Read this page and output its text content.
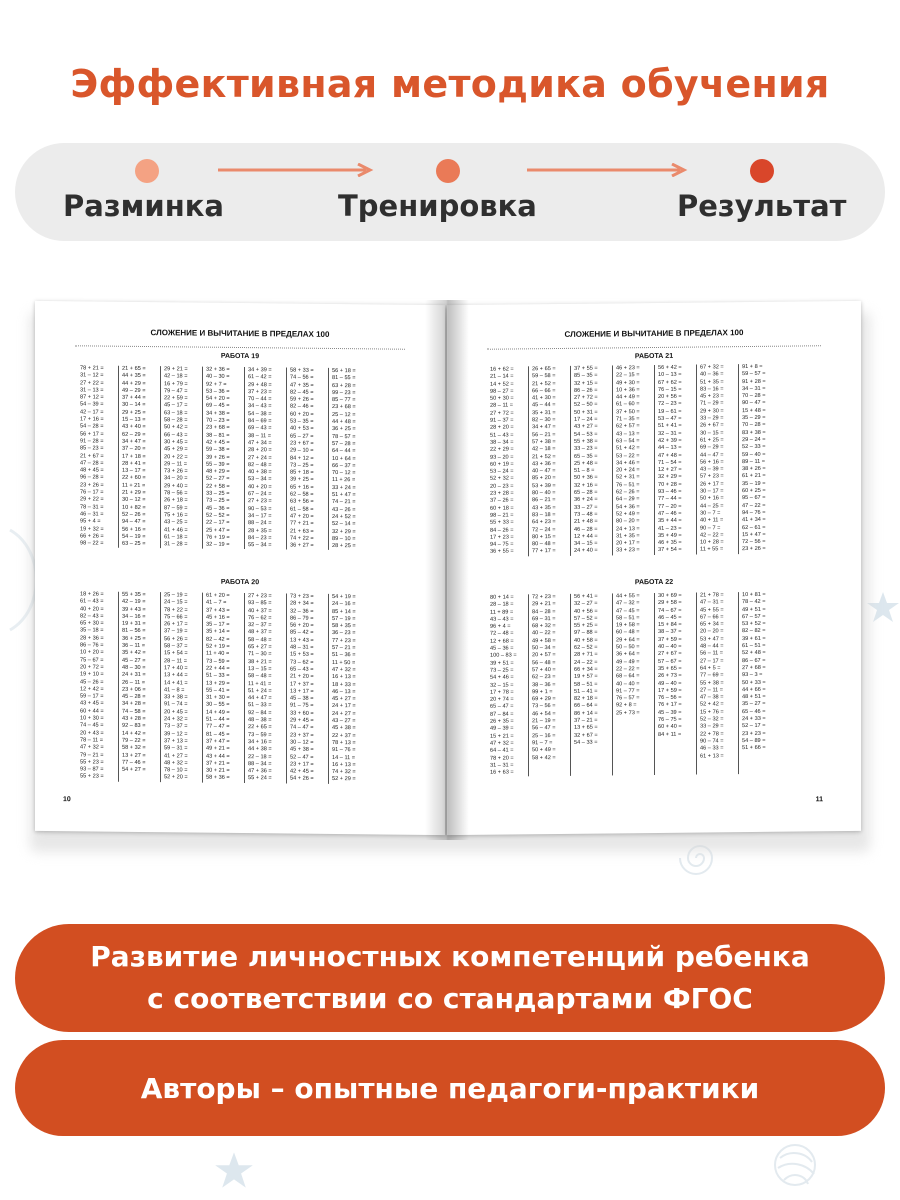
Эффективная методика обучения
Разминка	Тренировка	Результат
СЛОЖЕНИЕ И ВЫЧИТАНИЕ В ПРЕДЕЛАХ 100
РАБОТА 19
78 + 21 =
31 – 12 =
27 + 22 =
31 – 13 =
87 + 12 =
54 – 39 =
42 – 17 =
17 + 16 =
54 – 28 =
56 + 17 =
91 – 28 =
85 – 23 =
21 + 67 =
47 – 28 =
48 + 45 =
96 – 28 =
23 + 26 =
76 – 17 =
29 + 22 =
78 – 31 =
46 – 31 =
95 + 4 =
19 + 32 =
66 + 26 =
98 – 22 =
21 + 65 =
44 + 35 =
44 + 29 =
49 – 29 =
37 + 44 =
30 – 14 =
29 + 25 =
15 – 13 =
43 + 40 =
62 – 29 =
34 + 47 =
37 – 20 =
17 + 18 =
28 + 41 =
13 – 17 =
22 + 60 =
11 + 21 =
21 + 29 =
30 – 12 =
10 + 82 =
52 – 26 =
94 – 47 =
56 + 16 =
54 – 19 =
63 – 25 =
29 + 21 =
42 – 18 =
16 + 79 =
79 – 47 =
22 + 59 =
45 – 17 =
63 – 18 =
58 – 28 =
50 + 42 =
66 – 43 =
30 + 45 =
45 + 29 =
20 + 22 =
29 – 11 =
73 + 26 =
34 – 20 =
29 + 40 =
78 – 56 =
26 + 18 =
87 – 59 =
75 + 16 =
43 – 25 =
41 + 46 =
61 – 18 =
31 – 28 =
32 + 36 =
40 – 30 =
92 + 7 =
53 – 36 =
54 + 20 =
69 – 45 =
34 + 38 =
70 – 23 =
23 + 68 =
38 – 81 =
42 + 45 =
59 – 38 =
39 + 26 =
55 – 39 =
48 + 29 =
52 – 27 =
22 + 58 =
33 – 25 =
73 – 25 =
45 – 36 =
52 – 52 =
22 – 17 =
25 + 47 =
76 + 19 =
32 – 19 =
34 + 39 =
61 – 42 =
29 + 48 =
37 + 23 =
70 – 44 =
34 – 43 =
54 – 38 =
84 – 69 =
69 – 43 =
38 – 11 =
47 + 34 =
28 + 20 =
27 + 24 =
82 – 48 =
40 + 38 =
53 – 34 =
40 + 20 =
67 – 24 =
27 + 23 =
90 – 53 =
34 – 17 =
88 – 24 =
28 + 35 =
84 – 23 =
55 – 34 =
58 + 33 =
74 – 56 =
47 + 35 =
82 – 45 =
59 + 26 =
82 – 46 =
60 + 20 =
53 – 35 =
40 + 53 =
65 – 27 =
23 + 67 =
29 – 10 =
84 + 12 =
73 – 25 =
85 + 18 =
39 + 25 =
65 + 16 =
62 – 58 =
63 + 56 =
61 – 58 =
47 + 20 =
77 + 21 =
21 + 63 =
74 + 22 =
36 + 27 =
56 + 18 =
81 – 55 =
63 + 28 =
99 – 23 =
85 – 77 =
23 + 68 =
25 – 12 =
44 + 48 =
36 + 25 =
78 – 57 =
57 – 28 =
64 – 44 =
10 + 64 =
66 – 37 =
70 – 12 =
11 + 26 =
33 + 24 =
51 + 47 =
74 – 21 =
43 – 26 =
24 + 52 =
52 – 14 =
32 + 29 =
89 – 10 =
28 + 25 =
РАБОТА 20
18 + 26 =
61 – 43 =
40 + 20 =
82 – 43 =
65 + 30 =
35 – 18 =
28 + 36 =
86 – 76 =
10 + 20 =
75 – 67 =
20 + 72 =
19 + 10 =
45 – 26 =
12 + 42 =
59 – 17 =
43 + 45 =
60 + 44 =
10 + 30 =
74 – 45 =
20 + 43 =
78 – 11 =
47 + 32 =
79 – 21 =
55 + 23 =
93 – 87 =
55 + 23 =
55 + 35 =
42 – 19 =
39 + 43 =
34 – 16 =
19 + 31 =
81 – 56 =
36 + 25 =
36 – 11 =
35 + 42 =
45 – 27 =
48 – 30 =
24 + 31 =
26 – 11 =
23 + 06 =
45 – 28 =
34 + 28 =
74 – 58 =
43 + 28 =
92 – 83 =
14 + 42 =
79 – 22 =
58 + 32 =
13 + 27 =
77 – 46 =
54 + 27 =
25 – 19 =
24 – 15 =
78 + 22 =
75 – 66 =
26 + 17 =
37 – 19 =
56 + 26 =
58 – 37 =
15 + 54 =
28 – 11 =
17 + 40 =
13 + 44 =
14 + 41 =
41 – 8 =
33 + 38 =
91 – 74 =
20 + 45 =
24 + 32 =
73 – 37 =
39 – 12 =
37 + 13 =
59 – 31 =
41 + 27 =
48 + 32 =
78 – 10 =
52 + 20 =
61 + 20 =
41 – 7 =
37 + 43 =
45 + 16 =
35 – 17 =
35 + 14 =
82 – 42 =
52 + 19 =
11 + 40 =
73 – 59 =
22 + 44 =
51 – 33 =
13 + 29 =
55 – 41 =
31 + 30 =
30 – 55 =
14 + 49 =
51 – 44 =
77 – 47 =
81 – 45 =
37 + 47 =
49 + 21 =
43 + 44 =
37 + 21 =
30 + 21 =
58 + 36 =
27 + 23 =
93 – 85 =
40 + 37 =
76 – 62 =
32 – 37 =
48 + 37 =
58 – 48 =
65 + 27 =
71 – 30 =
38 + 21 =
13 – 15 =
58 – 48 =
11 + 41 =
51 + 24 =
44 + 47 =
51 – 33 =
92 – 84 =
48 – 38 =
22 + 65 =
73 – 59 =
34 + 16 =
44 + 38 =
22 – 18 =
88 – 34 =
47 + 36 =
55 + 24 =
73 + 23 =
28 + 34 =
32 – 36 =
86 – 79 =
56 + 20 =
85 – 42 =
13 + 43 =
48 – 31 =
15 + 53 =
73 – 62 =
65 – 43 =
21 + 20 =
17 + 37 =
13 + 17 =
45 – 38 =
91 – 75 =
33 + 60 =
29 + 45 =
74 – 47 =
23 + 37 =
30 – 12 =
45 + 38 =
52 – 47 =
23 + 17 =
42 + 45 =
54 + 26 =
54 + 19 =
24 – 16 =
85 + 14 =
57 – 19 =
58 + 35 =
36 – 23 =
77 + 23 =
57 – 21 =
51 – 36 =
11 + 50 =
47 + 32 =
16 + 13 =
18 + 33 =
46 – 13 =
45 + 27 =
24 + 17 =
24 + 27 =
43 – 27 =
45 + 38 =
22 + 37 =
78 + 13 =
91 – 76 =
14 – 11 =
16 + 13 =
74 + 32 =
52 + 29 =
10
СЛОЖЕНИЕ И ВЫЧИТАНИЕ В ПРЕДЕЛАХ 100
РАБОТА 21
16 + 62 =
21 – 14 =
14 + 52 =
98 – 27 =
50 + 30 =
28 – 11 =
27 + 72 =
91 – 37 =
28 + 20 =
51 – 43 =
38 – 34 =
22 + 29 =
93 – 20 =
60 + 19 =
53 – 24 =
52 + 32 =
20 – 23 =
23 + 28 =
37 – 26 =
60 + 18 =
98 – 21 =
55 + 33 =
84 – 26 =
17 + 23 =
94 – 75 =
36 + 55 =
26 + 65 =
59 – 58 =
21 + 52 =
66 – 66 =
41 + 30 =
45 – 44 =
35 + 31 =
82 – 30 =
34 + 47 =
56 – 21 =
57 + 38 =
42 – 18 =
21 + 52 =
43 + 36 =
40 – 47 =
85 + 20 =
53 + 39 =
80 – 40 =
86 – 21 =
43 + 35 =
83 – 18 =
64 + 23 =
72 – 24 =
80 + 15 =
80 – 48 =
77 + 17 =
37 + 55 =
85 – 35 =
32 + 15 =
86 – 26 =
27 + 72 =
52 – 50 =
50 + 31 =
17 – 24 =
43 + 27 =
54 – 53 =
55 + 38 =
33 – 23 =
65 – 35 =
25 + 48 =
51 – 8 =
50 + 36 =
32 + 16 =
65 – 28 =
36 + 24 =
33 – 27 =
73 – 48 =
21 + 48 =
46 – 28 =
12 + 44 =
34 – 15 =
24 + 40 =
46 + 23 =
22 – 15 =
49 + 30 =
10 + 36 =
44 + 49 =
61 – 60 =
37 + 50 =
71 – 35 =
62 + 57 =
43 – 13 =
63 – 54 =
51 + 42 =
53 – 22 =
34 + 46 =
20 + 24 =
52 + 31 =
76 – 51 =
62 – 26 =
64 – 29 =
54 + 36 =
52 + 49 =
80 – 20 =
24 + 13 =
31 + 35 =
20 + 17 =
33 + 23 =
56 + 42 =
10 – 13 =
67 + 62 =
76 – 15 =
20 + 56 =
72 – 23 =
19 – 61 =
53 – 47 =
51 + 41 =
32 – 31 =
42 + 39 =
44 – 13 =
47 + 48 =
71 – 54 =
12 + 27 =
32 + 29 =
70 + 28 =
93 – 46 =
77 – 44 =
77 – 20 =
47 – 46 =
35 + 44 =
41 – 23 =
35 + 49 =
46 + 35 =
37 + 54 =
67 + 32 =
40 – 36 =
51 + 35 =
83 – 16 =
45 + 23 =
71 – 29 =
29 + 30 =
33 – 29 =
26 + 67 =
30 – 15 =
61 + 25 =
69 – 29 =
44 – 47 =
56 + 16 =
43 – 39 =
57 + 23 =
26 + 17 =
30 – 17 =
50 + 16 =
44 – 25 =
30 – 7 =
40 + 11 =
90 – 7 =
42 – 22 =
10 + 28 =
11 + 55 =
91 + 8 =
59 – 57 =
91 + 28 =
34 – 31 =
70 – 28 =
90 – 47 =
15 + 48 =
35 – 29 =
70 – 28 =
83 + 38 =
29 – 24 =
52 – 33 =
59 – 40 =
89 – 11 =
38 + 26 =
61 + 21 =
35 – 19 =
60 + 25 =
95 – 67 =
47 – 22 =
94 – 76 =
41 + 34 =
62 – 61 =
15 + 47 =
72 – 56 =
23 + 26 =
РАБОТА 22
80 + 14 =
28 – 18 =
11 + 89 =
43 – 43 =
96 + 4 =
72 – 48 =
12 + 68 =
45 – 36 =
100 – 83 =
39 + 51 =
73 – 25 =
54 + 46 =
32 – 15 =
17 + 78 =
20 + 74 =
65 – 47 =
87 – 84 =
26 + 35 =
49 – 39 =
15 + 21 =
47 + 32 =
64 – 41 =
78 + 20 =
31 – 31 =
16 + 63 =
72 + 23 =
29 + 21 =
84 – 28 =
69 – 31 =
68 + 32 =
40 – 22 =
49 + 58 =
50 – 34 =
20 + 57 =
56 – 48 =
57 + 40 =
62 – 23 =
38 – 36 =
99 + 1 =
69 + 29 =
73 – 56 =
46 + 54 =
21 – 19 =
56 – 47 =
25 – 16 =
91 – 7 =
50 + 49 =
58 + 42 =
56 + 41 =
32 – 27 =
40 + 56 =
57 – 52 =
55 + 25 =
97 – 88 =
40 + 58 =
62 – 52 =
28 + 71 =
24 – 22 =
66 + 34 =
19 + 57 =
58 – 51 =
51 – 41 =
82 + 18 =
66 – 64 =
86 + 14 =
37 – 21 =
13 + 65 =
32 + 67 =
54 – 33 =
44 + 55 =
47 – 32 =
47 – 45 =
58 – 51 =
19 + 58 =
60 – 48 =
29 + 64 =
50 – 50 =
36 + 64 =
49 – 49 =
22 – 22 =
68 – 64 =
40 – 40 =
91 – 77 =
76 – 57 =
92 + 8 =
25 + 73 =
30 + 69 =
29 + 58 =
74 – 67 =
46 – 45 =
15 + 84 =
38 – 37 =
37 + 59 =
40 – 40 =
27 + 67 =
57 – 67 =
35 + 65 =
26 + 73 =
49 – 40 =
17 + 59 =
76 – 56 =
76 + 17 =
45 – 39 =
76 – 75 =
60 + 40 =
84 + 11 =
21 + 78 =
47 – 31 =
45 + 55 =
67 – 66 =
65 + 34 =
20 – 20 =
53 + 47 =
48 – 44 =
56 – 11 =
27 – 17 =
64 + 5 =
77 – 69 =
55 + 38 =
27 – 11 =
47 – 38 =
52 + 42 =
15 + 76 =
52 – 32 =
33 – 29 =
22 + 78 =
90 – 74 =
46 – 33 =
61 + 13 =
10 + 81 =
78 – 42 =
49 + 51 =
67 – 57 =
53 + 52 =
82 – 82 =
39 + 61 =
61 – 51 =
52 + 48 =
86 – 67 =
27 + 68 =
93 – 3 =
50 + 33 =
44 + 66 =
48 + 51 =
35 – 27 =
65 – 46 =
24 + 33 =
52 – 17 =
23 + 23 =
54 – 89 =
51 + 66 =
11
Развитие личностных компетенций ребенка
с соответствии со стандартами ФГОС
Авторы – опытные педагоги-практики
